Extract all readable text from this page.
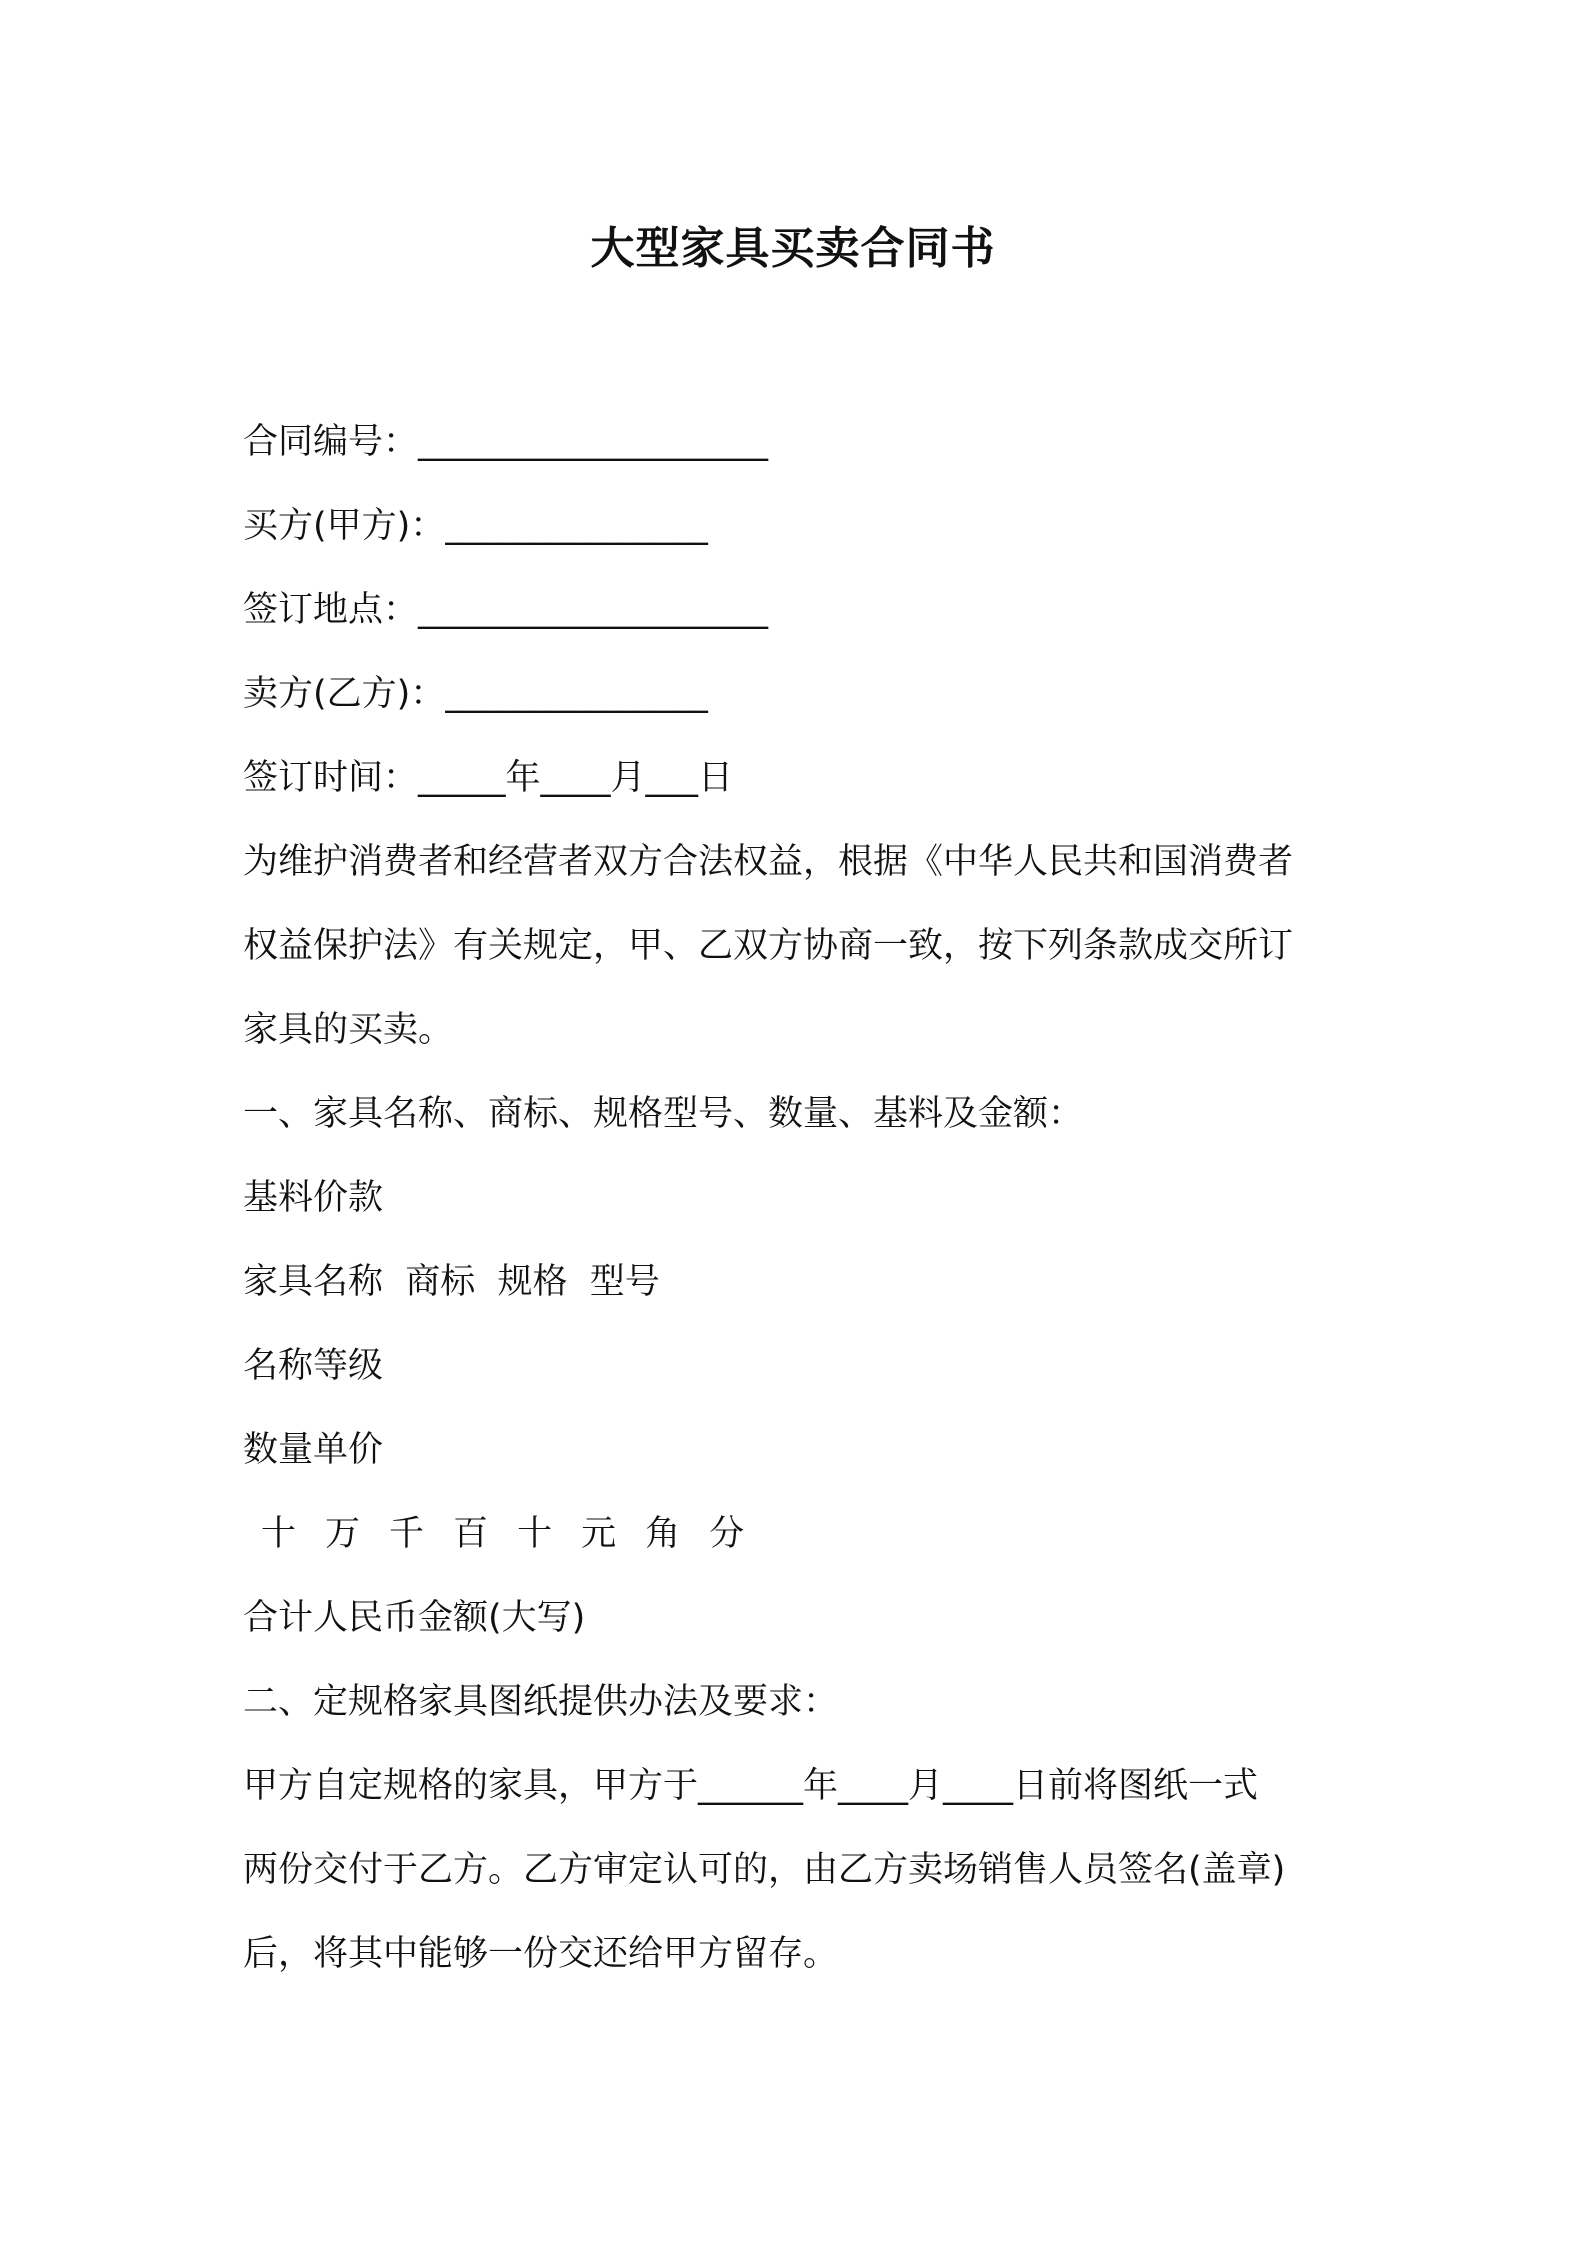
大型家具买卖合同书
合同编号：____________________
买方(甲方)：_______________
签订地点：____________________
卖方(乙方)：_______________
签订时间：_____年____月___日
为维护消费者和经营者双方合法权益，根据《中华人民共和国消费者
权益保护法》有关规定，甲、乙双方协商一致，按下列条款成交所订
家具的买卖。
一、家具名称、商标、规格型号、数量、基料及金额：
基料价款
家具名称  商标  规格  型号
名称等级
数量单价
十 万 千 百 十 元 角 分
合计人民币金额(大写)
二、定规格家具图纸提供办法及要求：
甲方自定规格的家具，甲方于______年____月____日前将图纸一式
两份交付于乙方。乙方审定认可的，由乙方卖场销售人员签名(盖章)
后，将其中能够一份交还给甲方留存。
